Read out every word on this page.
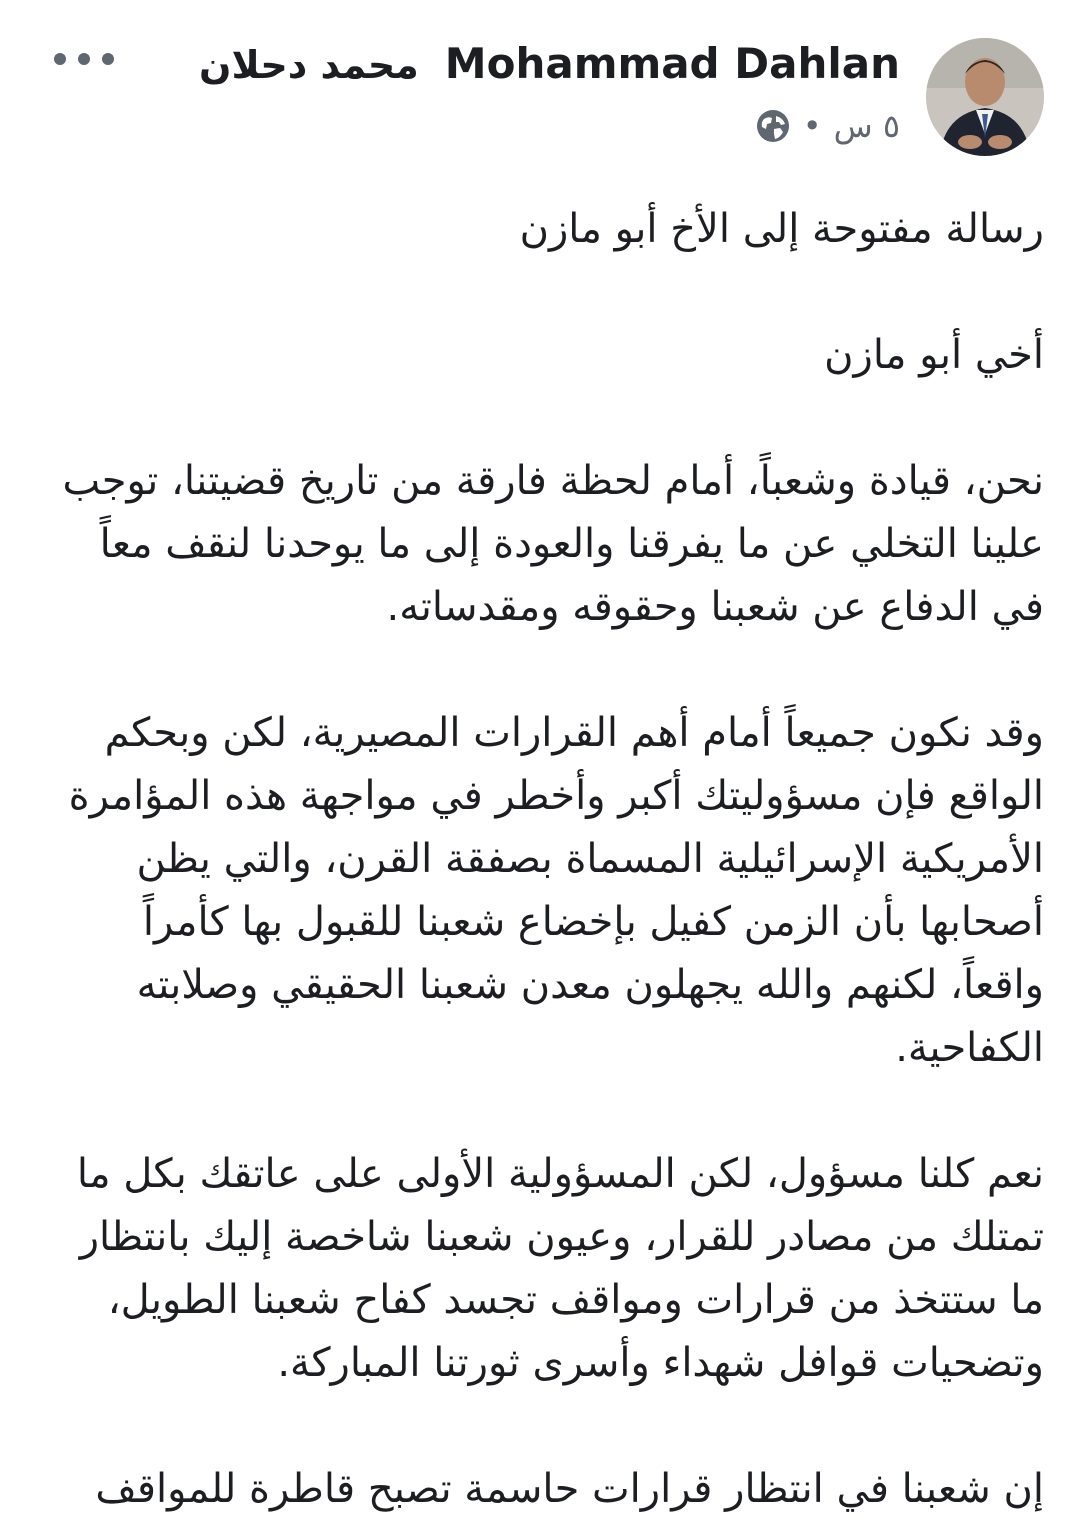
Mohammad Dahlanمحمد دحلان
٥ س
•

رسالة مفتوحة إلى الأخ أبو مازن

أخي أبو مازن

نحن، قيادة وشعباً، أمام لحظة فارقة من تاريخ قضيتنا، توجب علينا التخلي عن ما يفرقنا والعودة إلى ما يوحدنا لنقف معاً في الدفاع عن شعبنا وحقوقه ومقدساته.

وقد نكون جميعاً أمام أهم القرارات المصيرية، لكن وبحكم الواقع فإن مسؤوليتك أكبر وأخطر في مواجهة هذه المؤامرة الأمريكية الإسرائيلية المسماة بصفقة القرن، والتي يظن أصحابها بأن الزمن كفيل بإخضاع شعبنا للقبول بها كأمراً واقعاً، لكنهم والله يجهلون معدن شعبنا الحقيقي وصلابته الكفاحية.

نعم كلنا مسؤول، لكن المسؤولية الأولى على عاتقك بكل ما تمتلك من مصادر للقرار، وعيون شعبنا شاخصة إليك بانتظار ما ستتخذ من قرارات ومواقف تجسد كفاح شعبنا الطويل، وتضحيات قوافل شهداء وأسرى ثورتنا المباركة.

إن شعبنا في انتظار قرارات حاسمة تصبح قاطرة للمواقف
